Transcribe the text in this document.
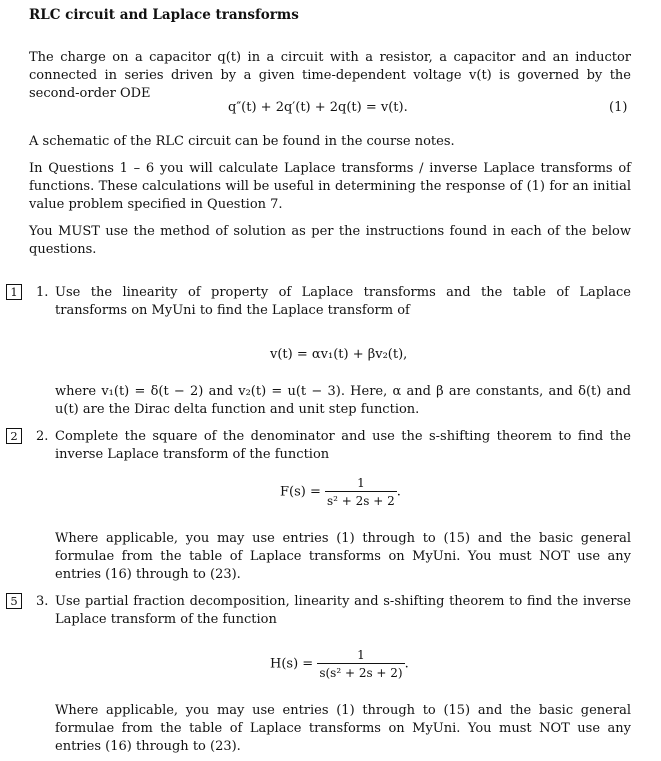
RLC circuit and Laplace transforms
The charge on a capacitor q(t) in a circuit with a resistor, a capacitor and an inductor connected in series driven by a given time-dependent voltage v(t) is governed by the second-order ODE
q″(t) + 2q′(t) + 2q(t) = v(t).	(1)
A schematic of the RLC circuit can be found in the course notes.
In Questions 1 – 6 you will calculate Laplace transforms / inverse Laplace transforms of functions. These calculations will be useful in determining the response of (1) for an initial value problem specified in Question 7.
You MUST use the method of solution as per the instructions found in each of the below questions.
1	1. Use the linearity of property of Laplace transforms and the table of Laplace transforms on MyUni to find the Laplace transform of
v(t) = αv₁(t) + βv₂(t),
where v₁(t) = δ(t − 2) and v₂(t) = u(t − 3). Here, α and β are constants, and δ(t) and u(t) are the Dirac delta function and unit step function.
2	2. Complete the square of the denominator and use the s-shifting theorem to find the inverse Laplace transform of the function
$F(s) = \frac{1}{\text{s² + 2s + 2}}$ .
Where applicable, you may use entries (1) through to (15) and the basic general formulae from the table of Laplace transforms on MyUni. You must NOT use any entries (16) through to (23).
5	3. Use partial fraction decomposition, linearity and s-shifting theorem to find the inverse Laplace transform of the function
$H(s) = \frac{1}{\text{s(s² + 2s + 2)}}$ .
Where applicable, you may use entries (1) through to (15) and the basic general formulae from the table of Laplace transforms on MyUni. You must NOT use any entries (16) through to (23).
